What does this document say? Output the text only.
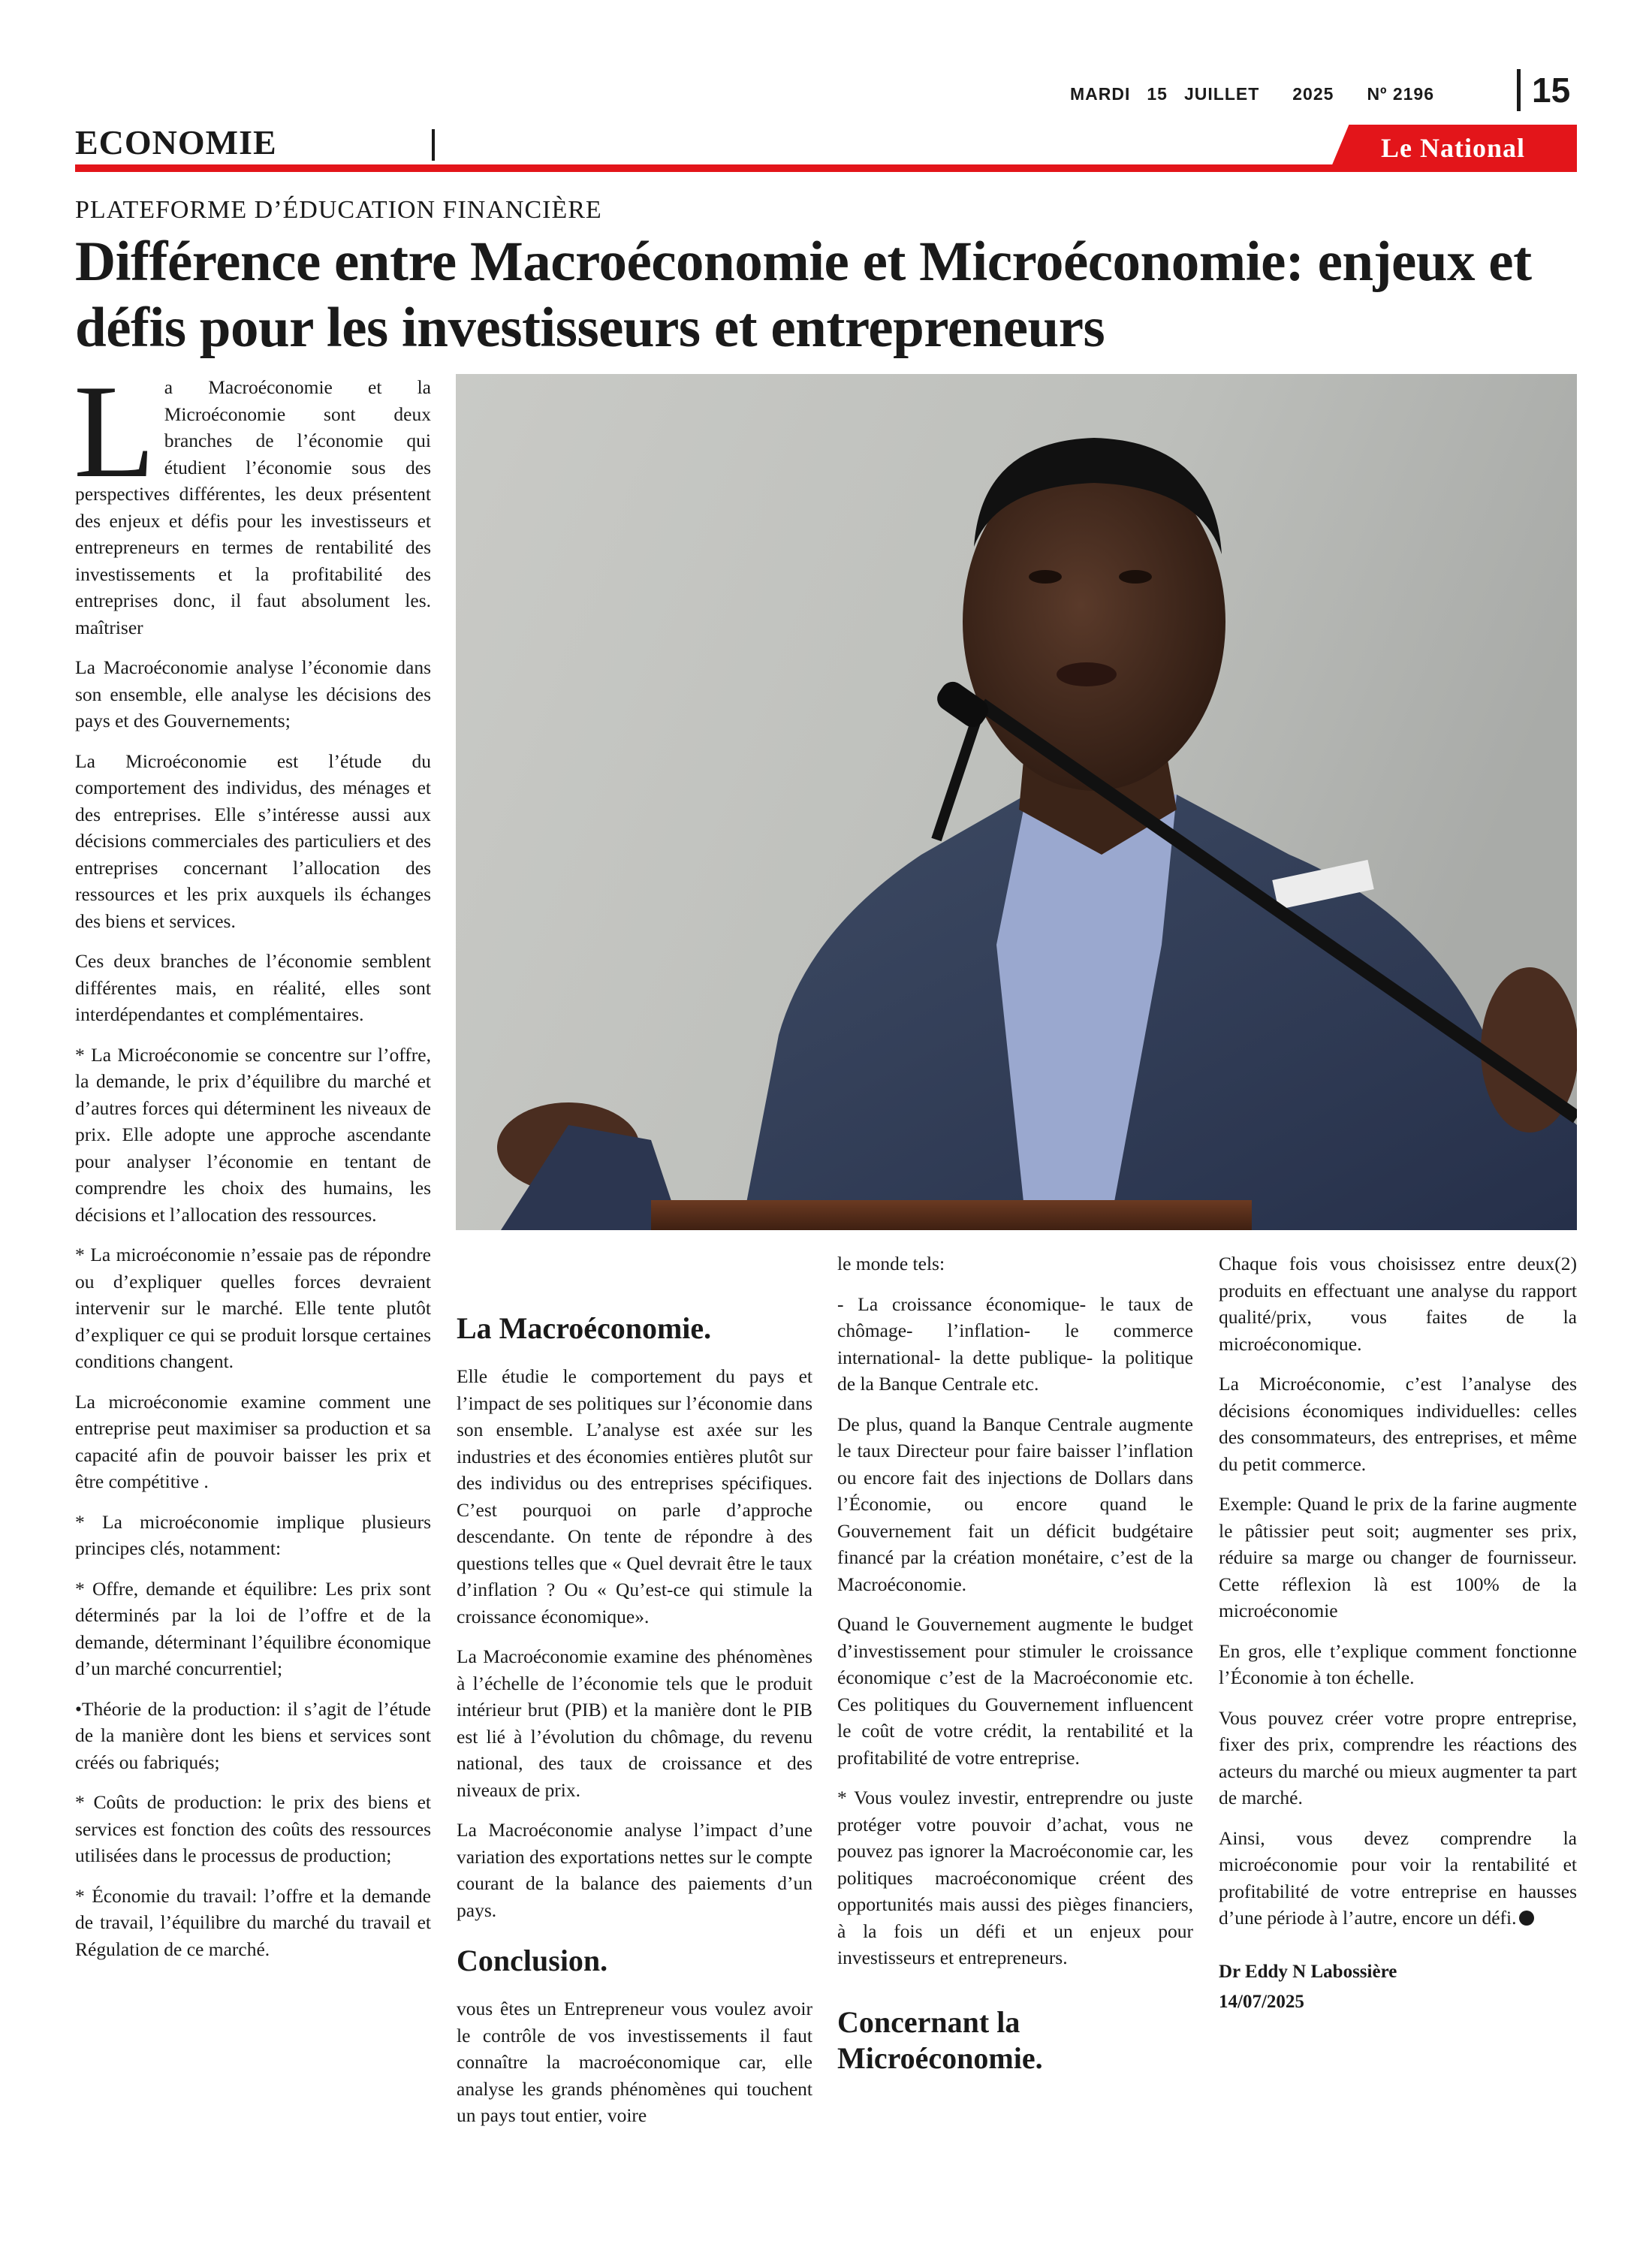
MARDI 15 JUILLET 2025 Nº 2196	15
ECONOMIE	Le National
PLATEFORME D’ÉDUCATION FINANCIÈRE
Différence entre Macroéconomie et Microéconomie: enjeux et défis pour les investisseurs et entrepreneurs

La Macroéconomie et la Microéconomie sont deux branches de l’économie qui étudient l’économie sous des perspectives différentes, les deux présentent des enjeux et défis pour les investisseurs et entrepreneurs en termes de rentabilité des investissements et la profitabilité des entreprises donc, il faut absolument les. maîtriser

La Macroéconomie analyse l’économie dans son ensemble, elle analyse les décisions des pays et des Gouvernements;

La Microéconomie est l’étude du comportement des individus, des ménages et des entreprises. Elle s’intéresse aussi aux décisions commerciales des particuliers et des entreprises concernant l’allocation des ressources et les prix auxquels ils échanges des biens et services.

Ces deux branches de l’économie semblent différentes mais, en réalité, elles sont interdépendantes et complémentaires.

* La Microéconomie se concentre sur l’offre, la demande, le prix d’équilibre du marché et d’autres forces qui déterminent les niveaux de prix. Elle adopte une approche ascendante pour analyser l’économie en tentant de comprendre les choix des humains, les décisions et l’allocation des ressources.

* La microéconomie n’essaie pas de répondre ou d’expliquer quelles forces devraient intervenir sur le marché. Elle tente plutôt d’expliquer ce qui se produit lorsque certaines conditions changent.

La microéconomie examine comment une entreprise peut maximiser sa production et sa capacité afin de pouvoir baisser les prix et être compétitive .

* La microéconomie implique plusieurs principes clés, notamment:

* Offre, demande et équilibre: Les prix sont déterminés par la loi de l’offre et de la demande, déterminant l’équilibre économique d’un marché concurrentiel;

•Théorie de la production: il s’agit de l’étude de la manière dont les biens et services sont créés ou fabriqués;

* Coûts de production: le prix des biens et services est fonction des coûts des ressources utilisées dans le processus de production;

* Économie du travail: l’offre et la demande de travail, l’équilibre du marché du travail et Régulation de ce marché.

La Macroéconomie.

Elle étudie le comportement du pays et l’impact de ses politiques sur l’économie dans son ensemble. L’analyse est axée sur les industries et des économies entières plutôt sur des individus ou des entreprises spécifiques. C’est pourquoi on parle d’approche descendante. On tente de répondre à des questions telles que « Quel devrait être le taux d’inflation ? Ou « Qu’est-ce qui stimule la croissance économique».

La Macroéconomie examine des phénomènes à l’échelle de l’économie tels que le produit intérieur brut (PIB) et la manière dont le PIB est lié à l’évolution du chômage, du revenu national, des taux de croissance et des niveaux de prix.

La Macroéconomie analyse l’impact d’une variation des exportations nettes sur le compte courant de la balance des paiements d’un pays.

Conclusion.

vous êtes un Entrepreneur vous voulez avoir le contrôle de vos investissements il faut connaître la macroéconomique car, elle analyse les grands phénomènes qui touchent un pays tout entier, voire

le monde tels:

- La croissance économique- le taux de chômage- l’inflation- le commerce international- la dette publique- la politique de la Banque Centrale etc.

De plus, quand la Banque Centrale augmente le taux Directeur pour faire baisser l’inflation ou encore fait des injections de Dollars dans l’Économie, ou encore quand le Gouvernement fait un déficit budgétaire financé par la création monétaire, c’est de la Macroéconomie.

Quand le Gouvernement augmente le budget d’investissement pour stimuler le croissance économique c’est de la Macroéconomie etc. Ces politiques du Gouvernement influencent le coût de votre crédit, la rentabilité et la profitabilité de votre entreprise.

* Vous voulez investir, entreprendre ou juste protéger votre pouvoir d’achat, vous ne pouvez pas ignorer la Macroéconomie car, les politiques macroéconomique créent des opportunités mais aussi des pièges financiers, à la fois un défi et un enjeux pour investisseurs et entrepreneurs.

Concernant la Microéconomie.

Chaque fois vous choisissez entre deux(2) produits en effectuant une analyse du rapport qualité/prix, vous faites de la microéconomique.

La Microéconomie, c’est l’analyse des décisions économiques individuelles: celles des consommateurs, des entreprises, et même du petit commerce.

Exemple: Quand le prix de la farine augmente le pâtissier peut soit; augmenter ses prix, réduire sa marge ou changer de fournisseur. Cette réflexion là est 100% de la microéconomie

En gros, elle t’explique comment fonctionne l’Économie à ton échelle.

Vous pouvez créer votre propre entreprise, fixer des prix, comprendre les réactions des acteurs du marché ou mieux augmenter ta part de marché.

Ainsi, vous devez comprendre la microéconomie pour voir la rentabilité et profitabilité de votre entreprise en hausses d’une période à l’autre, encore un défi.

Dr Eddy N Labossière
14/07/2025
